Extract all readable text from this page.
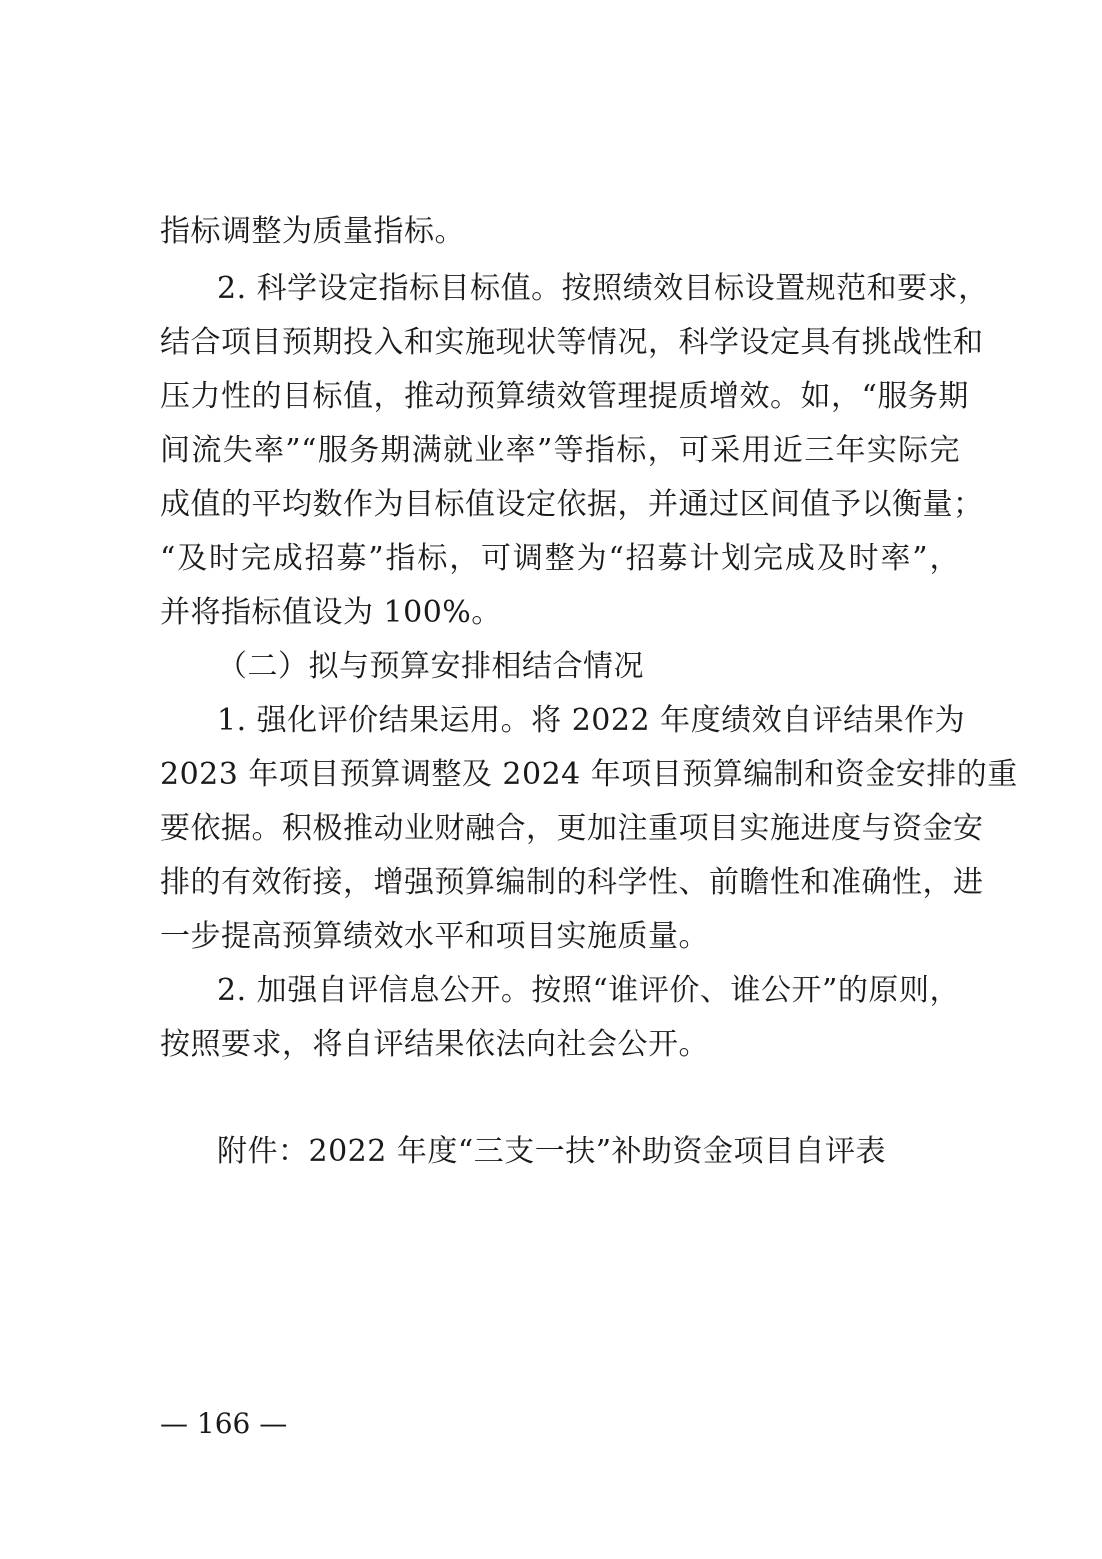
指标调整为质量指标。
2. 科学设定指标目标值。按照绩效目标设置规范和要求，
结合项目预期投入和实施现状等情况，科学设定具有挑战性和
压力性的目标值，推动预算绩效管理提质增效。如，“服务期
间流失率”“服务期满就业率”等指标，可采用近三年实际完
成值的平均数作为目标值设定依据，并通过区间值予以衡量；
“及时完成招募”指标，可调整为“招募计划完成及时率”，
并将指标值设为 100%。
（二）拟与预算安排相结合情况
1. 强化评价结果运用。将 2022 年度绩效自评结果作为
2023 年项目预算调整及 2024 年项目预算编制和资金安排的重
要依据。积极推动业财融合，更加注重项目实施进度与资金安
排的有效衔接，增强预算编制的科学性、前瞻性和准确性，进
一步提高预算绩效水平和项目实施质量。
2. 加强自评信息公开。按照“谁评价、谁公开”的原则，
按照要求，将自评结果依法向社会公开。
附件：2022 年度“三支一扶”补助资金项目自评表
— 166 —
